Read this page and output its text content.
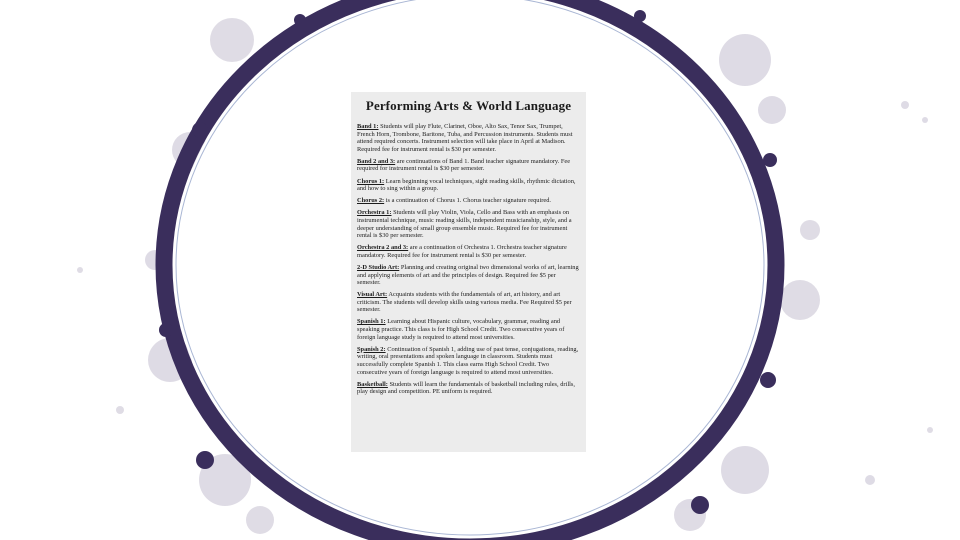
Performing Arts & World Language

Band 1: Students will play Flute, Clarinet, Oboe, Alto Sax, Tenor Sax, Trumpet, French Horn, Trombone, Baritone, Tuba, and Percussion instruments. Students must attend required concerts. Instrument selection will take place in April at Madison. Required fee for instrument rental is $30 per semester.

Band 2 and 3: are continuations of Band 1. Band teacher signature mandatory. Fee required for instrument rental is $30 per semester.

Chorus 1: Learn beginning vocal techniques, sight reading skills, rhythmic dictation, and how to sing within a group.

Chorus 2: is a continuation of Chorus 1. Chorus teacher signature required.

Orchestra 1: Students will play Violin, Viola, Cello and Bass with an emphasis on instrumental technique, music reading skills, independent musicianship, style, and a deeper understanding of small group ensemble music. Required fee for instrument rental is $30 per semester.

Orchestra 2 and 3: are a continuation of Orchestra 1. Orchestra teacher signature mandatory. Required fee for instrument rental is $30 per semester.

2-D Studio Art: Planning and creating original two dimensional works of art, learning and applying elements of art and the principles of design. Required fee $5 per semester.

Visual Art: Acquaints students with the fundamentals of art, art history, and art criticism. The students will develop skills using various media. Fee Required $5 per semester.

Spanish 1: Learning about Hispanic culture, vocabulary, grammar, reading and speaking practice. This class is for High School Credit. Two consecutive years of foreign language study is required to attend most universities.

Spanish 2: Continuation of Spanish 1, adding use of past tense, conjugations, reading, writing, oral presentations and spoken language in classroom. Students must successfully complete Spanish 1. This class earns High School Credit. Two consecutive years of foreign language is required to attend most universities.

Basketball: Students will learn the fundamentals of basketball including rules, drills, play design and competition. PE uniform is required.
